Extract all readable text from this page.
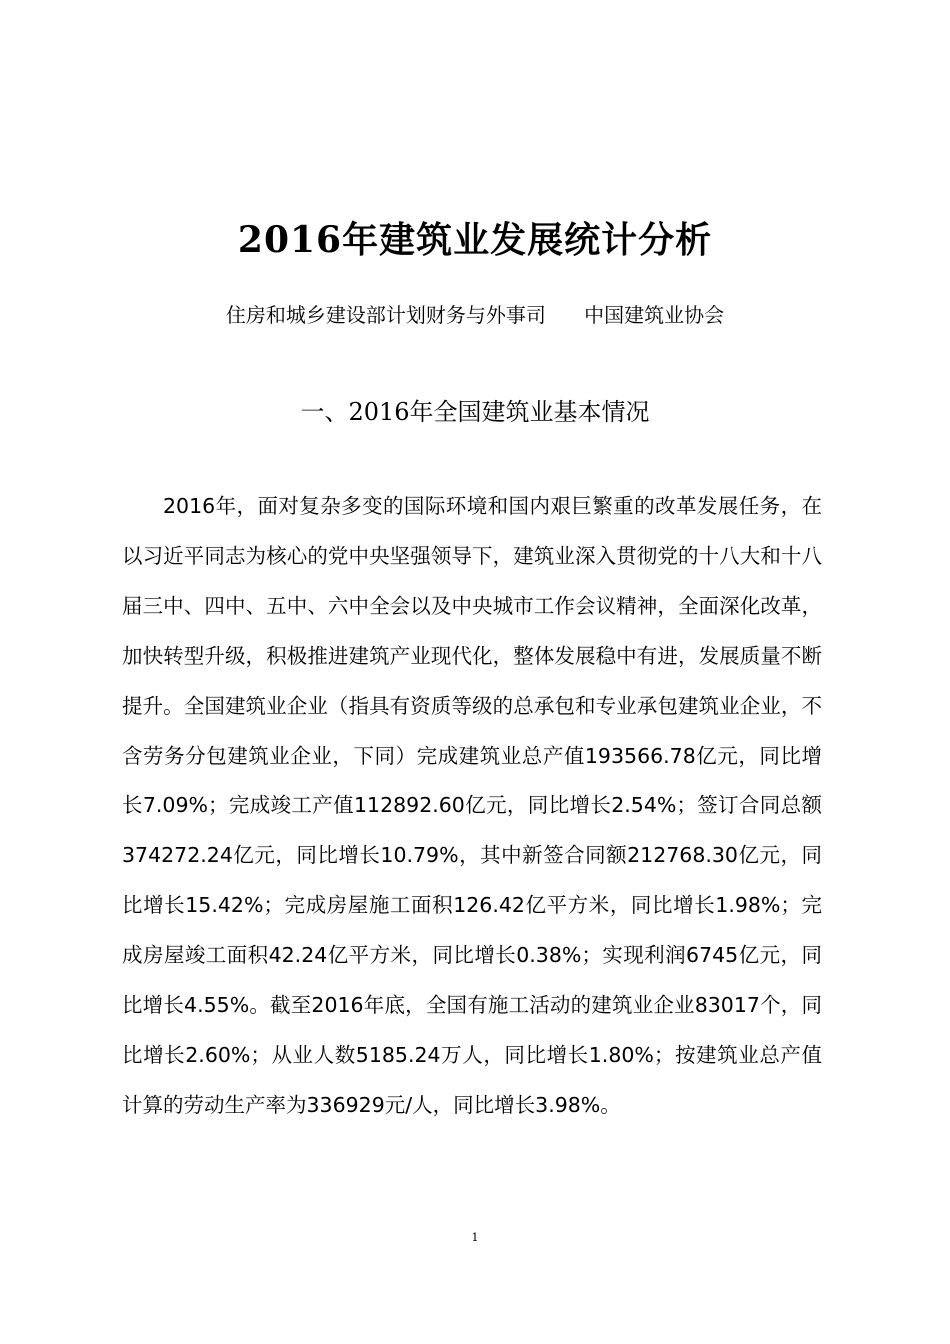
2016年建筑业发展统计分析
住房和城乡建设部计划财务与外事司      中国建筑业协会
一、2016年全国建筑业基本情况

2016年，面对复杂多变的国际环境和国内艰巨繁重的改革发展任务，在以习近平同志为核心的党中央坚强领导下，建筑业深入贯彻党的十八大和十八届三中、四中、五中、六中全会以及中央城市工作会议精神，全面深化改革，加快转型升级，积极推进建筑产业现代化，整体发展稳中有进，发展质量不断提升。全国建筑业企业（指具有资质等级的总承包和专业承包建筑业企业，不含劳务分包建筑业企业，下同）完成建筑业总产值193566.78亿元，同比增长7.09%；完成竣工产值112892.60亿元，同比增长2.54%；签订合同总额374272.24亿元，同比增长10.79%，其中新签合同额212768.30亿元，同比增长15.42%；完成房屋施工面积126.42亿平方米，同比增长1.98%；完成房屋竣工面积42.24亿平方米，同比增长0.38%；实现利润6745亿元，同比增长4.55%。截至2016年底，全国有施工活动的建筑业企业83017个，同比增长2.60%；从业人数5185.24万人，同比增长1.80%；按建筑业总产值计算的劳动生产率为336929元/人，同比增长3.98%。

1
